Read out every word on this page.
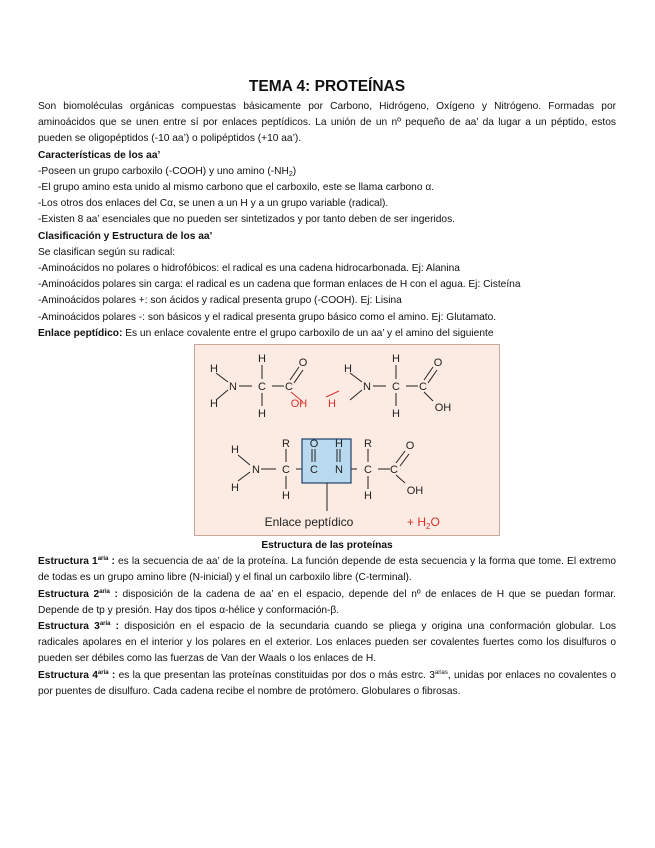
TEMA 4: PROTEÍNAS

Son biomoléculas orgánicas compuestas básicamente por Carbono, Hidrógeno, Oxígeno y Nitrógeno. Formadas por aminoácidos que se unen entre sí por enlaces peptídicos. La unión de un nº pequeño de aa’ da lugar a un péptido, estos pueden se oligopéptidos (-10 aa’) o polipéptidos (+10 aa’).

Características de los aa’

-Poseen un grupo carboxilo (-COOH) y uno amino $(-NH_2)$

-El grupo amino esta unido al mismo carbono que el carboxilo, este se llama carbono α.

-Los otros dos enlaces del Cα, se unen a un H y a un grupo variable (radical).

-Existen 8 aa’ esenciales que no pueden ser sintetizados y por tanto deben de ser ingeridos.

Clasificación y Estructura de los aa’

Se clasifican según su radical:

-Aminoácidos no polares o hidrofóbicos: el radical es una cadena hidrocarbonada. Ej: Alanina

-Aminoácidos polares sin carga: el radical es un cadena que forman enlaces de H con el agua. Ej: Cisteína

-Aminoácidos polares +: son ácidos y radical presenta grupo (-COOH). Ej: Lisina

-Aminoácidos polares -: son básicos y el radical presenta grupo básico como el amino. Ej: Glutamato.

Enlace peptídico: Es un enlace covalente entre el grupo carboxilo de un aa’ y el amino del siguiente

H
H
N
H
C C
O
H
H
H
N C C
O
OH
H
R O H R
H
N C C N C C
O
OH
H
H	H
Enlace peptídico
OH H
+ $H_2O$

Estructura de las proteínas

Estructura $1^{aria}$ : es la secuencia de aa’ de la proteína. La función depende de esta secuencia y la forma que tome. El extremo de todas es un grupo amino libre (N-inicial) y el final un carboxilo libre (C-terminal).

Estructura $2^{aria}$ : disposición de la cadena de aa’ en el espacio, depende del nº de enlaces de H que se puedan formar. Depende de tp y presión. Hay dos tipos α-hélice y conformación-β.

Estructura $3^{aria}$ : disposición en el espacio de la secundaria cuando se pliega y origina una conformación globular. Los radicales apolares en el interior y los polares en el exterior. Los enlaces pueden ser covalentes fuertes como los disulfuros o pueden ser débiles como las fuerzas de Van der Waals o los enlaces de H.

Estructura $4^{aria}$ : es la que presentan las proteínas constituidas por dos o más estrc. $3^{arias}$, unidas por enlaces no covalentes o por puentes de disulfuro. Cada cadena recibe el nombre de protómero. Globulares o fibrosas.
